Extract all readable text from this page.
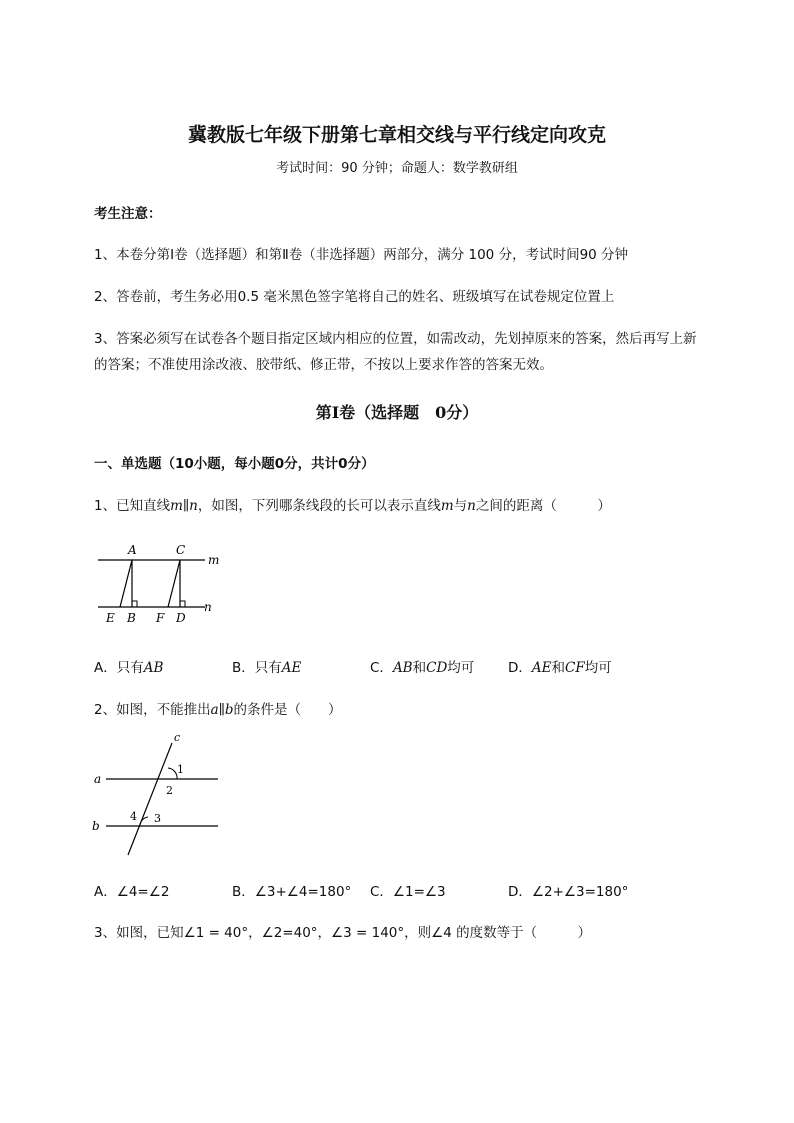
冀教版七年级下册第七章相交线与平行线定向攻克
考试时间：90 分钟；命题人：数学教研组
考生注意：
1、本卷分第Ⅰ卷（选择题）和第Ⅱ卷（非选择题）两部分，满分 100 分，考试时间90 分钟
2、答卷前，考生务必用0.5 毫米黑色签字笔将自己的姓名、班级填写在试卷规定位置上
3、答案必须写在试卷各个题目指定区域内相应的位置，如需改动，先划掉原来的答案，然后再写上新
的答案；不准使用涂改液、胶带纸、修正带，不按以上要求作答的答案无效。
第Ⅰ卷（选择题　0分）
一、单选题（10小题，每小题0分，共计0分）
1、已知直线m∥n，如图，下列哪条线段的长可以表示直线m与n之间的距离（　　　）
A	C
m
n
E B F D
A．只有AB	B．只有AE	C．AB和CD均可 D．AE和CF均可
2、如图，不能推出a∥b的条件是（　　）
c
a
b
1
2
3
4
A．∠4=∠2	B．∠3+∠4=180° C．∠1=∠3	D．∠2+∠3=180°
3、如图，已知∠1 = 40°，∠2=40°，∠3 = 140°，则∠4 的度数等于（　　　）
